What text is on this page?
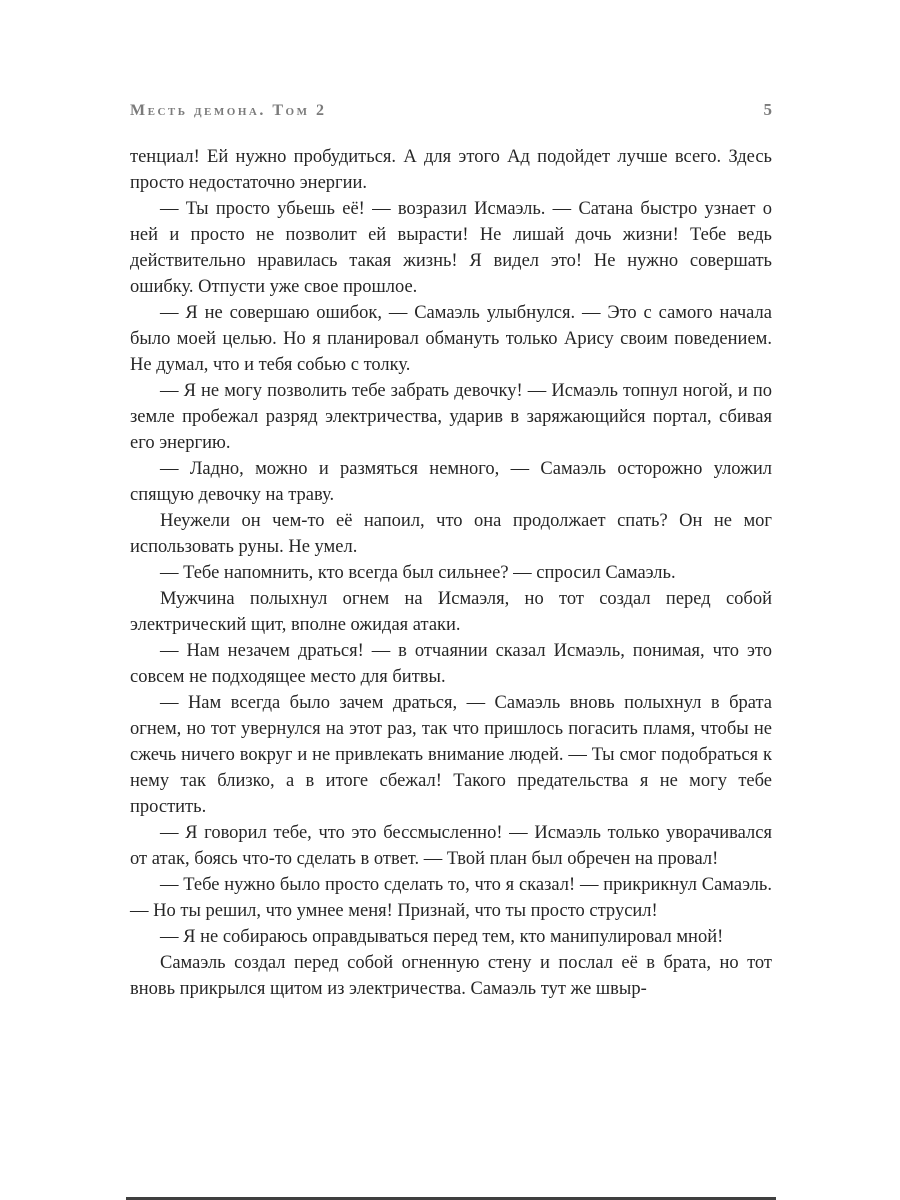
Месть демона. Том 2	5

тенциал! Ей нужно пробудиться. А для этого Ад подойдет лучше всего. Здесь просто недостаточно энергии.

— Ты просто убьешь её! — возразил Исмаэль. — Сатана быстро узнает о ней и просто не позволит ей вырасти! Не лишай дочь жизни! Тебе ведь действительно нравилась такая жизнь! Я видел это! Не нужно совершать ошибку. Отпусти уже свое прошлое.

— Я не совершаю ошибок, — Самаэль улыбнулся. — Это с самого начала было моей целью. Но я планировал обмануть только Арису своим поведением. Не думал, что и тебя собью с толку.

— Я не могу позволить тебе забрать девочку! — Исмаэль топнул ногой, и по земле пробежал разряд электричества, ударив в заряжающийся портал, сбивая его энергию.

— Ладно, можно и размяться немного, — Самаэль осторожно уложил спящую девочку на траву.

Неужели он чем-то её напоил, что она продолжает спать? Он не мог использовать руны. Не умел.

— Тебе напомнить, кто всегда был сильнее? — спросил Самаэль.

Мужчина полыхнул огнем на Исмаэля, но тот создал перед собой электрический щит, вполне ожидая атаки.

— Нам незачем драться! — в отчаянии сказал Исмаэль, понимая, что это совсем не подходящее место для битвы.

— Нам всегда было зачем драться, — Самаэль вновь полыхнул в брата огнем, но тот увернулся на этот раз, так что пришлось погасить пламя, чтобы не сжечь ничего вокруг и не привлекать внимание людей. — Ты смог подобраться к нему так близко, а в итоге сбежал! Такого предательства я не могу тебе простить.

— Я говорил тебе, что это бессмысленно! — Исмаэль только уворачивался от атак, боясь что-то сделать в ответ. — Твой план был обречен на провал!

— Тебе нужно было просто сделать то, что я сказал! — прикрикнул Самаэль. — Но ты решил, что умнее меня! Признай, что ты просто струсил!

— Я не собираюсь оправдываться перед тем, кто манипулировал мной!

Самаэль создал перед собой огненную стену и послал её в брата, но тот вновь прикрылся щитом из электричества. Самаэль тут же швыр-
